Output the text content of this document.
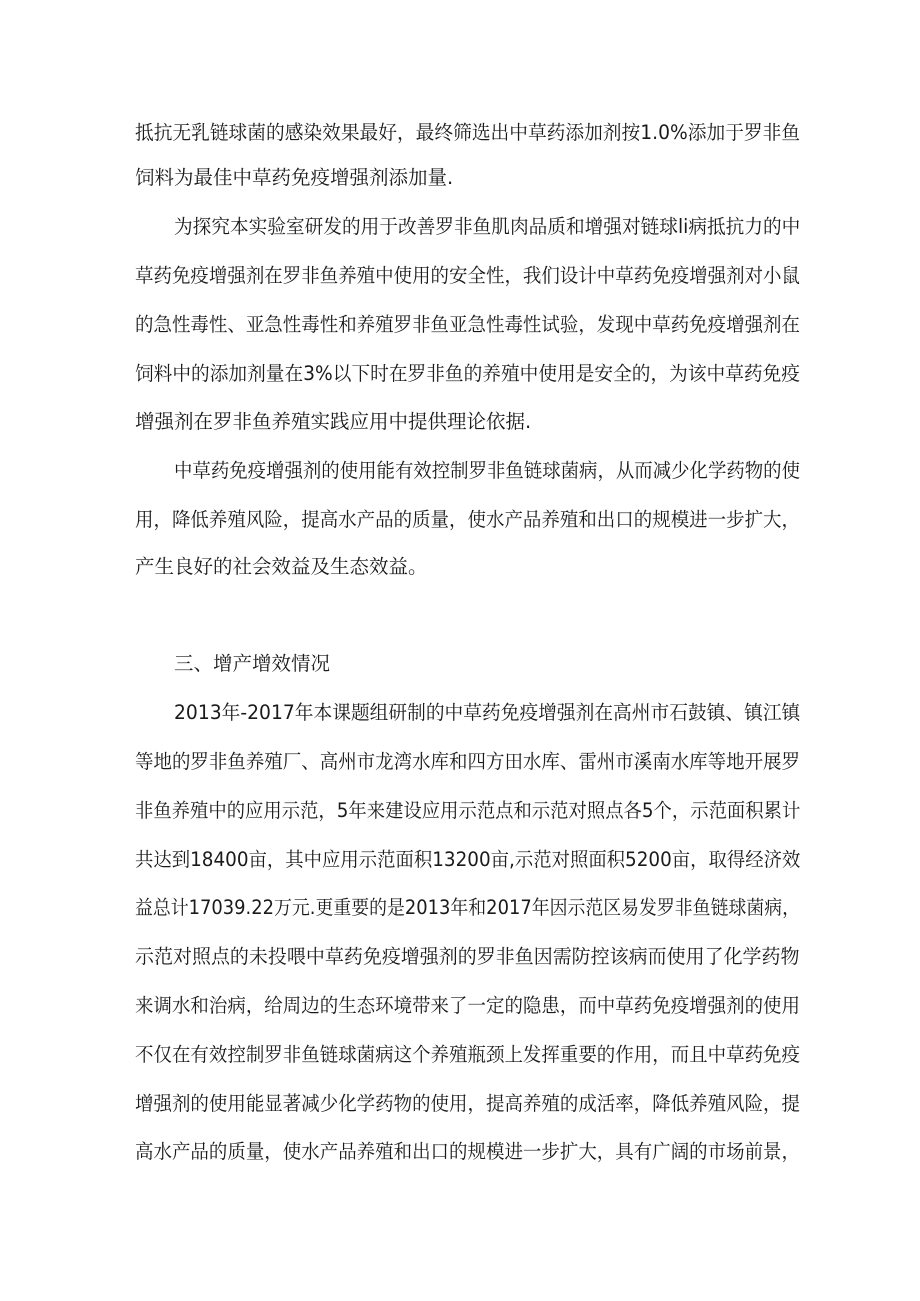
抵抗无乳链球菌的感染效果最好，最终筛选出中草药添加剂按1.0%添加于罗非鱼
饲料为最佳中草药免疫增强剂添加量.
为探究本实验室研发的用于改善罗非鱼肌肉品质和增强对链球li病抵抗力的中
草药免疫增强剂在罗非鱼养殖中使用的安全性，我们设计中草药免疫增强剂对小鼠
的急性毒性、亚急性毒性和养殖罗非鱼亚急性毒性试验，发现中草药免疫增强剂在
饲料中的添加剂量在3%以下时在罗非鱼的养殖中使用是安全的，为该中草药免疫
增强剂在罗非鱼养殖实践应用中提供理论依据.
中草药免疫增强剂的使用能有效控制罗非鱼链球菌病，从而减少化学药物的使
用，降低养殖风险，提高水产品的质量，使水产品养殖和出口的规模进一步扩大，
产生良好的社会效益及生态效益。
三、增产增效情况
2013年-2017年本课题组研制的中草药免疫增强剂在高州市石鼓镇、镇江镇
等地的罗非鱼养殖厂、高州市龙湾水库和四方田水库、雷州市溪南水库等地开展罗
非鱼养殖中的应用示范，5年来建设应用示范点和示范对照点各5个，示范面积累计
共达到18400亩，其中应用示范面积13200亩,示范对照面积5200亩，取得经济效
益总计17039.22万元.更重要的是2013年和2017年因示范区易发罗非鱼链球菌病，
示范对照点的未投喂中草药免疫增强剂的罗非鱼因需防控该病而使用了化学药物
来调水和治病，给周边的生态环境带来了一定的隐患，而中草药免疫增强剂的使用
不仅在有效控制罗非鱼链球菌病这个养殖瓶颈上发挥重要的作用，而且中草药免疫
增强剂的使用能显著减少化学药物的使用，提高养殖的成活率，降低养殖风险，提
高水产品的质量，使水产品养殖和出口的规模进一步扩大，具有广阔的市场前景，
